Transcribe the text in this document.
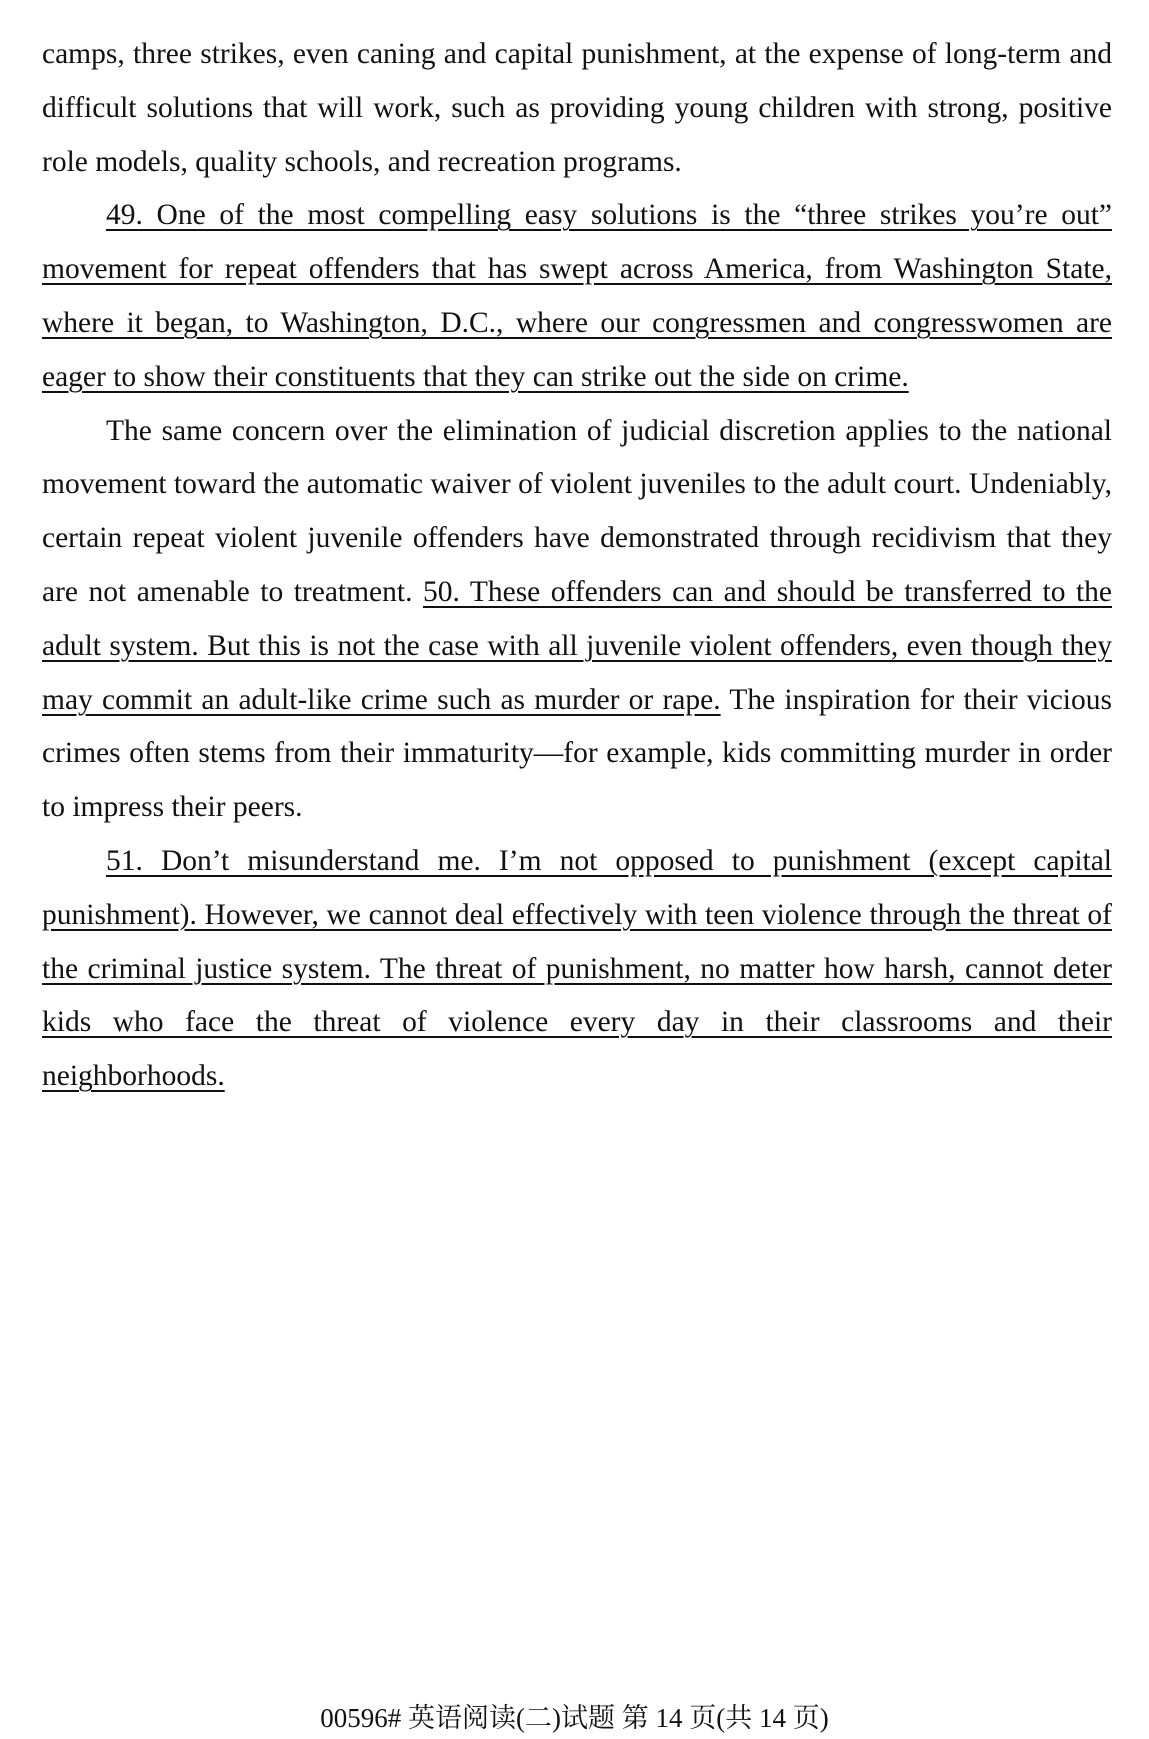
camps, three strikes, even caning and capital punishment, at the expense of long-term and difficult solutions that will work, such as providing young children with strong, positive role models, quality schools, and recreation programs.

49. One of the most compelling easy solutions is the “three strikes you’re out” movement for repeat offenders that has swept across America, from Washington State, where it began, to Washington, D.C., where our congressmen and congresswomen are eager to show their constituents that they can strike out the side on crime.

The same concern over the elimination of judicial discretion applies to the national movement toward the automatic waiver of violent juveniles to the adult court. Undeniably, certain repeat violent juvenile offenders have demonstrated through recidivism that they are not amenable to treatment. 50. These offenders can and should be transferred to the adult system. But this is not the case with all juvenile violent offenders, even though they may commit an adult-like crime such as murder or rape. The inspiration for their vicious crimes often stems from their immaturity—for example, kids committing murder in order to impress their peers.

51. Don’t misunderstand me. I’m not opposed to punishment (except capital punishment). However, we cannot deal effectively with teen violence through the threat of the criminal justice system. The threat of punishment, no matter how harsh, cannot deter kids who face the threat of violence every day in their classrooms and their neighborhoods.

00596# 英语阅读(二)试题 第 14 页(共 14 页)
